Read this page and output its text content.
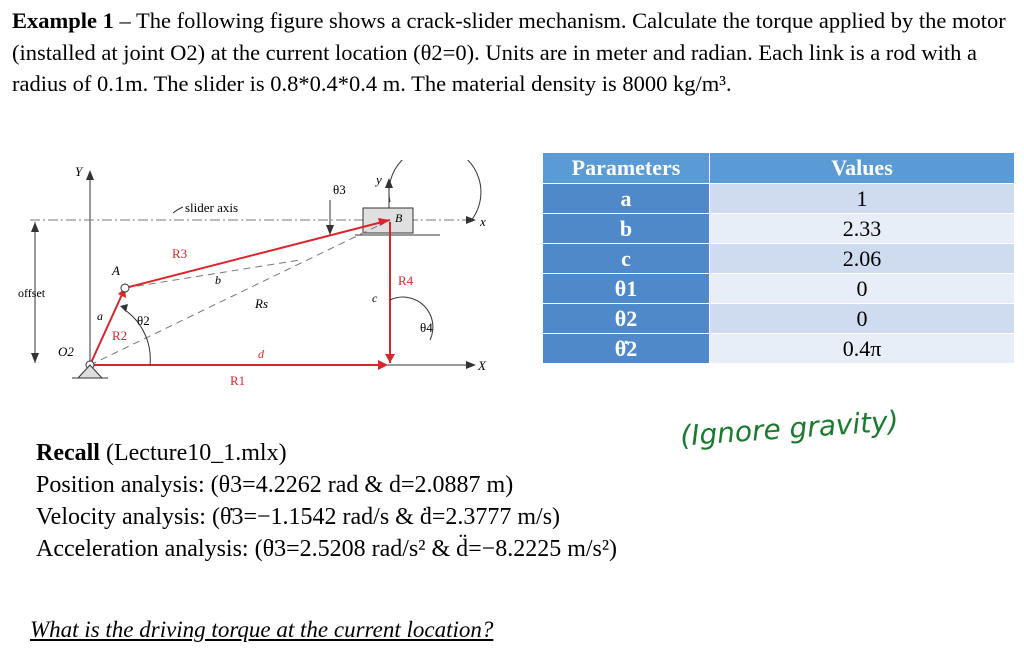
Example 1 – The following figure shows a crack-slider mechanism. Calculate the torque applied by the motor (installed at joint O2) at the current location (θ2=0). Units are in meter and radian. Each link is a rod with a radius of 0.1m. The slider is 0.8*0.4*0.4 m. The material density is 8000 kg/m³.
Y
X
x
slider axis
offset
y
θ3
B
A
O2
a
R2
θ2
R3
b
Rs	c
R4
θ4
d
R1
Parameters	Values
a	1
b	2.33
c	2.06
θ1	0
θ2	0
θ̇2	0.4π
(Ignore gravity)
Recall (Lecture10_1.mlx)
Position analysis: (θ3=4.2262 rad & d=2.0887 m)
Velocity analysis: (θ̇3=−1.1542 rad/s & ḋ=2.3777 m/s)
Acceleration analysis: (θ̈3=2.5208 rad/s² & d̈=−8.2225 m/s²)
What is the driving torque at the current location?
